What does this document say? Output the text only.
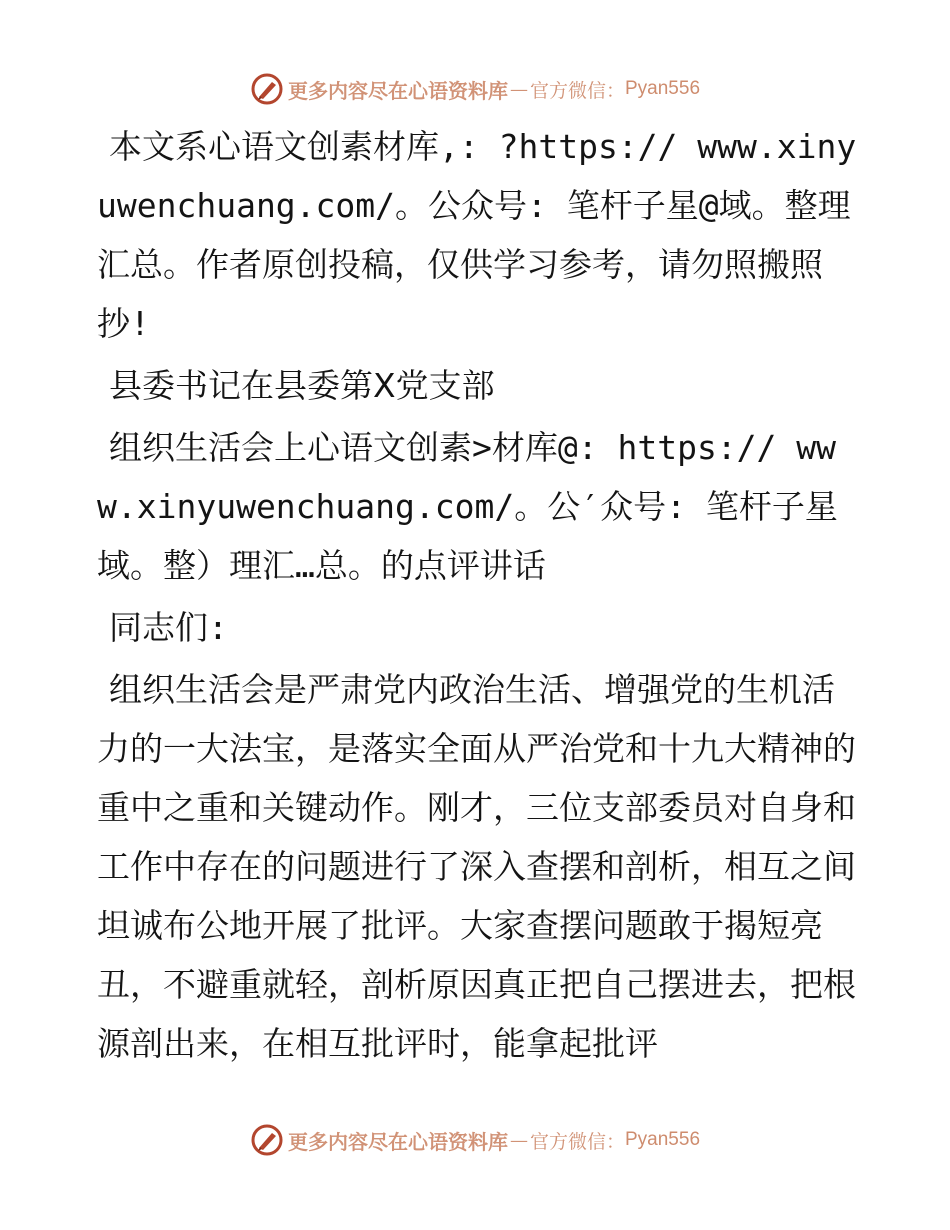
更多内容尽在心语资料库 — 官方微信： Pyan556

本文系心语文创素材库,: ?https:// www.xinyuwenchuang.com/。公众号: 笔杆子星@域。整理汇总。作者原创投稿，仅供学习参考，请勿照搬照抄!

县委书记在县委第Ⅹ党支部

组织生活会上心语文创素>材库@: https:// www.xinyuwenchuang.com/。公′众号: 笔杆子星域。整）理汇…总。的点评讲话

同志们:

组织生活会是严肃党内政治生活、增强党的生机活力的一大法宝，是落实全面从严治党和十九大精神的重中之重和关键动作。刚才，三位支部委员对自身和工作中存在的问题进行了深入查摆和剖析，相互之间坦诚布公地开展了批评。大家查摆问题敢于揭短亮丑，不避重就轻，剖析原因真正把自己摆进去，把根源剖出来，在相互批评时，能拿起批评

更多内容尽在心语资料库 — 官方微信： Pyan556
